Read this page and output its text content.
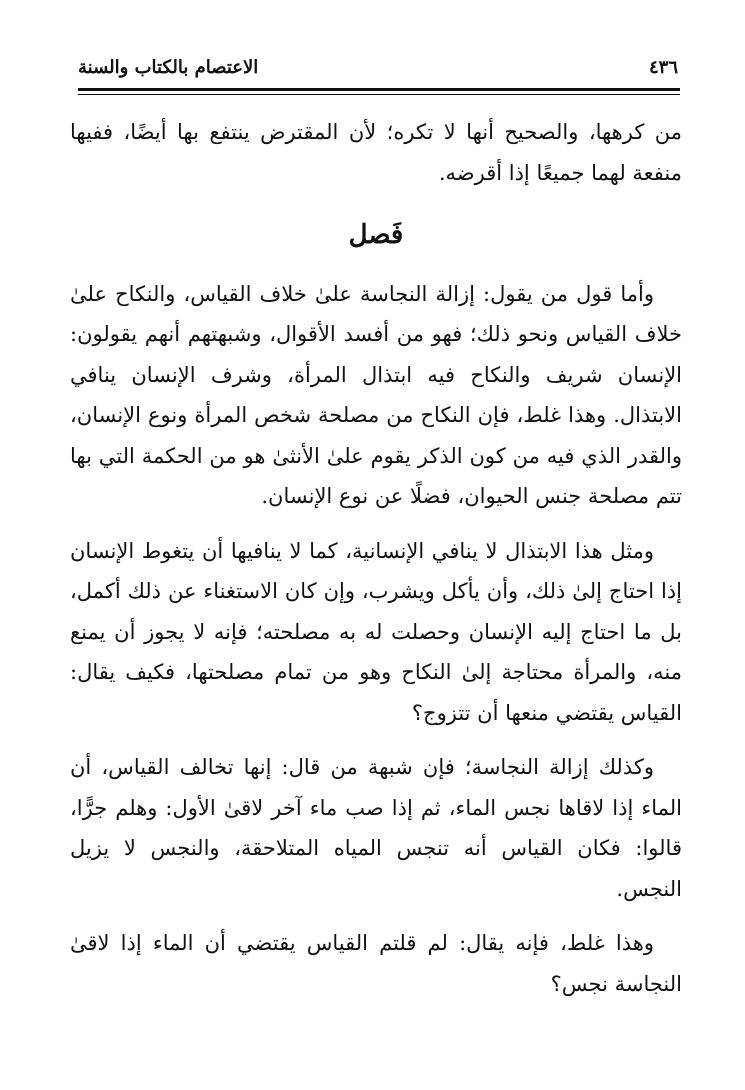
الاعتصام بالكتاب والسنة	٤٣٦

من كرهها، والصحيح أنها لا تكره؛ لأن المقترض ينتفع بها أيضًا، ففيها منفعة لهما جميعًا إذا أقرضه.

فَصل

وأما قول من يقول: إزالة النجاسة علىٰ خلاف القياس، والنكاح علىٰ خلاف القياس ونحو ذلك؛ فهو من أفسد الأقوال، وشبهتهم أنهم يقولون: الإنسان شريف والنكاح فيه ابتذال المرأة، وشرف الإنسان ينافي الابتذال. وهذا غلط، فإن النكاح من مصلحة شخص المرأة ونوع الإنسان، والقدر الذي فيه من كون الذكر يقوم علىٰ الأنثىٰ هو من الحكمة التي بها تتم مصلحة جنس الحيوان، فضلًا عن نوع الإنسان.

ومثل هذا الابتذال لا ينافي الإنسانية، كما لا ينافيها أن يتغوط الإنسان إذا احتاج إلىٰ ذلك، وأن يأكل ويشرب، وإن كان الاستغناء عن ذلك أكمل، بل ما احتاج إليه الإنسان وحصلت له به مصلحته؛ فإنه لا يجوز أن يمنع منه، والمرأة محتاجة إلىٰ النكاح وهو من تمام مصلحتها، فكيف يقال: القياس يقتضي منعها أن تتزوج؟

وكذلك إزالة النجاسة؛ فإن شبهة من قال: إنها تخالف القياس، أن الماء إذا لاقاها نجس الماء، ثم إذا صب ماء آخر لاقىٰ الأول: وهلم جرًّا، قالوا: فكان القياس أنه تنجس المياه المتلاحقة، والنجس لا يزيل النجس.

وهذا غلط، فإنه يقال: لم قلتم القياس يقتضي أن الماء إذا لاقىٰ النجاسة نجس؟
